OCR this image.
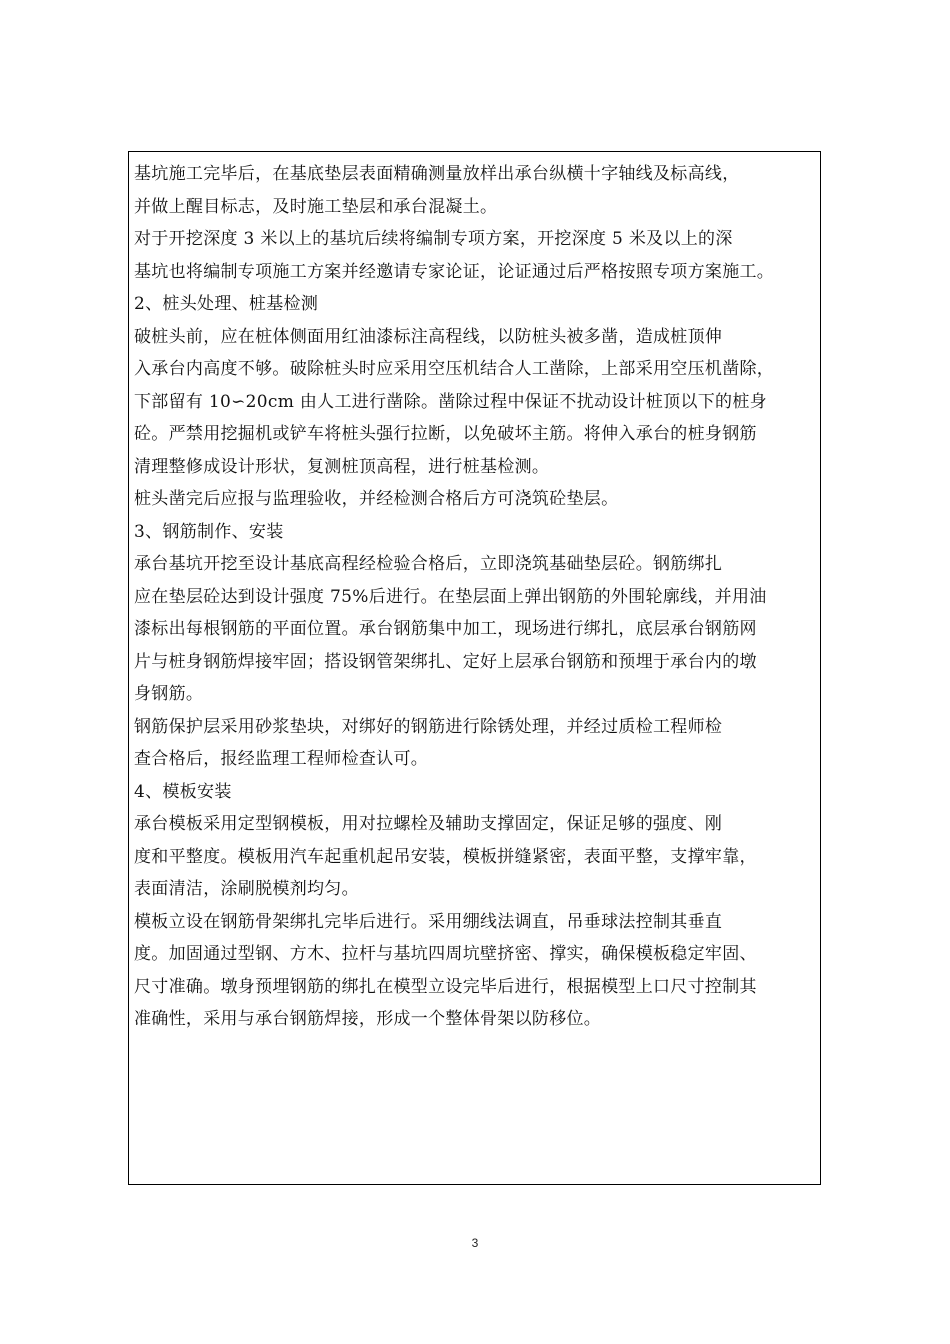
基坑施工完毕后，在基底垫层表面精确测量放样出承台纵横十字轴线及标高线，
并做上醒目标志，及时施工垫层和承台混凝土。
对于开挖深度 3 米以上的基坑后续将编制专项方案，开挖深度 5 米及以上的深
基坑也将编制专项施工方案并经邀请专家论证，论证通过后严格按照专项方案施工。
2、桩头处理、桩基检测
破桩头前，应在桩体侧面用红油漆标注高程线，以防桩头被多凿，造成桩顶伸
入承台内高度不够。破除桩头时应采用空压机结合人工凿除，上部采用空压机凿除，
下部留有 10∽20cm 由人工进行凿除。凿除过程中保证不扰动设计桩顶以下的桩身
砼。严禁用挖掘机或铲车将桩头强行拉断，以免破坏主筋。将伸入承台的桩身钢筋
清理整修成设计形状，复测桩顶高程，进行桩基检测。
桩头凿完后应报与监理验收，并经检测合格后方可浇筑砼垫层。
3、钢筋制作、安装
承台基坑开挖至设计基底高程经检验合格后，立即浇筑基础垫层砼。钢筋绑扎
应在垫层砼达到设计强度 75%后进行。在垫层面上弹出钢筋的外围轮廓线，并用油
漆标出每根钢筋的平面位置。承台钢筋集中加工，现场进行绑扎，底层承台钢筋网
片与桩身钢筋焊接牢固；搭设钢管架绑扎、定好上层承台钢筋和预埋于承台内的墩
身钢筋。
钢筋保护层采用砂浆垫块，对绑好的钢筋进行除锈处理，并经过质检工程师检
查合格后，报经监理工程师检查认可。
4、模板安装
承台模板采用定型钢模板，用对拉螺栓及辅助支撑固定，保证足够的强度、刚
度和平整度。模板用汽车起重机起吊安装，模板拼缝紧密，表面平整，支撑牢靠，
表面清洁，涂刷脱模剂均匀。
模板立设在钢筋骨架绑扎完毕后进行。采用绷线法调直，吊垂球法控制其垂直
度。加固通过型钢、方木、拉杆与基坑四周坑壁挤密、撑实，确保模板稳定牢固、
尺寸准确。墩身预埋钢筋的绑扎在模型立设完毕后进行，根据模型上口尺寸控制其
准确性，采用与承台钢筋焊接，形成一个整体骨架以防移位。
3
